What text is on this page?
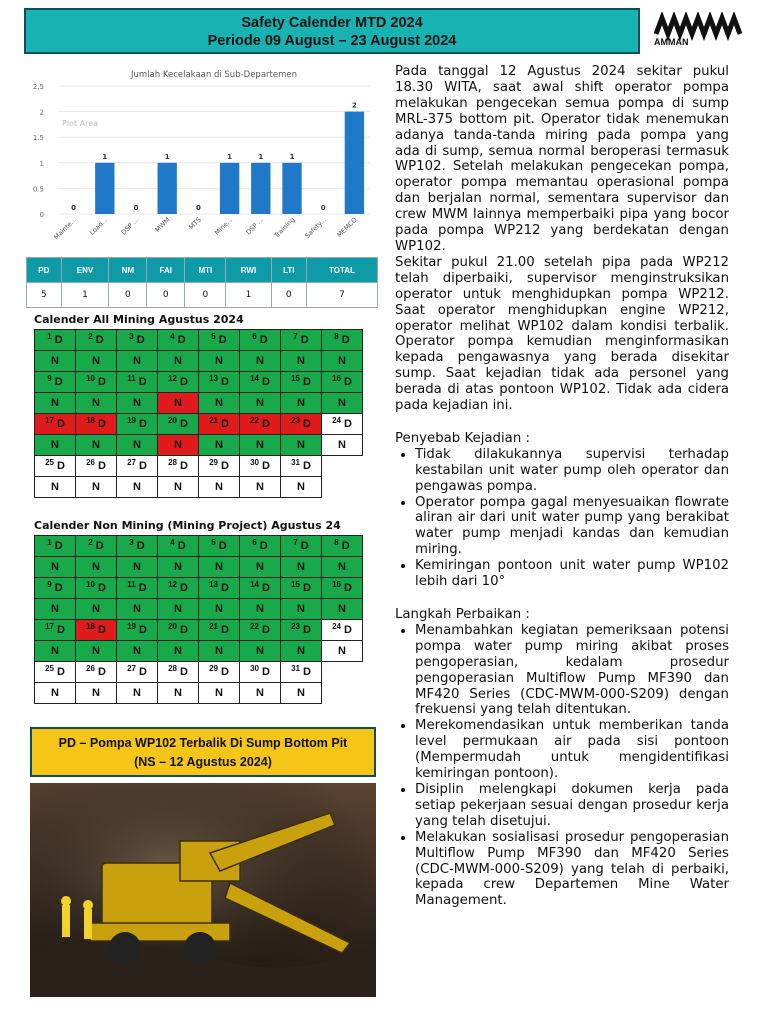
Safety Calender MTD 2024
Periode 09 August – 23 August 2024	AMMAN
Jumlah Kecelakaan di Sub-Departemen
0
0.5
1
1.5
2
2.5
Plot Area
0
Mainte...
1
Load...
0
DSP ...
1
MWM
0
MTS
1
Mine...
1
DSP ...
1
Training
0
Safety...
2
MEMCO
PD	ENV	NM	FAI	MTI	RWI	LTI	TOTAL
5	1	0	0	0	1	0	7
Calender All Mining Agustus 2024
$^1$ D	$^2$ D	$^3$ D	$^4$ D	$^5$ D	$^6$ D	$^7$ D	$^8$ D
N	N	N	N	N	N	N	N
$^9$ D	$^{10}$ D	$^{11}$ D	$^{12}$ D	$^{13}$ D	$^{14}$ D	$^{15}$ D	$^{16}$ D
N	N	N	N	N	N	N	N
$^{17}$ D	$^{18}$ D	$^{19}$ D	$^{20}$ D	$^{21}$ D	$^{22}$ D	$^{23}$ D	$^{24}$ D
N	N	N	N	N	N	N	N
$^{25}$ D	$^{26}$ D	$^{27}$ D	$^{28}$ D	$^{29}$ D	$^{30}$ D	$^{31}$ D	
N	N	N	N	N	N	N	
Calender Non Mining (Mining Project) Agustus 24
$^1$ D	$^2$ D	$^3$ D	$^4$ D	$^5$ D	$^6$ D	$^7$ D	$^8$ D
N	N	N	N	N	N	N	N
$^9$ D	$^{10}$ D	$^{11}$ D	$^{12}$ D	$^{13}$ D	$^{14}$ D	$^{15}$ D	$^{16}$ D
N	N	N	N	N	N	N	N
$^{17}$ D	$^{18}$ D	$^{19}$ D	$^{20}$ D	$^{21}$ D	$^{22}$ D	$^{23}$ D	$^{24}$ D
N	N	N	N	N	N	N	N
$^{25}$ D	$^{26}$ D	$^{27}$ D	$^{28}$ D	$^{29}$ D	$^{30}$ D	$^{31}$ D	
N	N	N	N	N	N	N	
PD – Pompa WP102 Terbalik Di Sump Bottom Pit
(NS – 12 Agustus 2024)

Pada tanggal 12 Agustus 2024 sekitar pukul 18.30 WITA, saat awal shift operator pompa melakukan pengecekan semua pompa di sump MRL-375 bottom pit. Operator tidak menemukan adanya tanda-tanda miring pada pompa yang ada di sump, semua normal beroperasi termasuk WP102. Setelah melakukan pengecekan pompa, operator pompa memantau operasional pompa dan berjalan normal, sementara supervisor dan crew MWM lainnya memperbaiki pipa yang bocor pada pompa WP212 yang berdekatan dengan WP102.

Sekitar pukul 21.00 setelah pipa pada WP212 telah diperbaiki, supervisor menginstruksikan operator untuk menghidupkan pompa WP212. Saat operator menghidupkan engine WP212, operator melihat WP102 dalam kondisi terbalik. Operator pompa kemudian menginformasikan kepada pengawasnya yang berada disekitar sump. Saat kejadian tidak ada personel yang berada di atas pontoon WP102. Tidak ada cidera pada kejadian ini.

Penyebab Kejadian :
• Tidak dilakukannya supervisi terhadap kestabilan unit water pump oleh operator dan pengawas pompa.
• Operator pompa gagal menyesuaikan flowrate aliran air dari unit water pump yang berakibat water pump menjadi kandas dan kemudian miring.
• Kemiringan pontoon unit water pump WP102 lebih dari 10°
Langkah Perbaikan :
• Menambahkan kegiatan pemeriksaan potensi pompa water pump miring akibat proses pengoperasian, kedalam prosedur pengoperasian Multiflow Pump MF390 dan MF420 Series (CDC-MWM-000-S209) dengan frekuensi yang telah ditentukan.
• Merekomendasikan untuk memberikan tanda level permukaan air pada sisi pontoon (Mempermudah untuk mengidentifikasi kemiringan pontoon).
• Disiplin melengkapi dokumen kerja pada setiap pekerjaan sesuai dengan prosedur kerja yang telah disetujui.
• Melakukan sosialisasi prosedur pengoperasian Multiflow Pump MF390 dan MF420 Series (CDC-MWM-000-S209) yang telah di perbaiki, kepada crew Departemen Mine Water Management.
